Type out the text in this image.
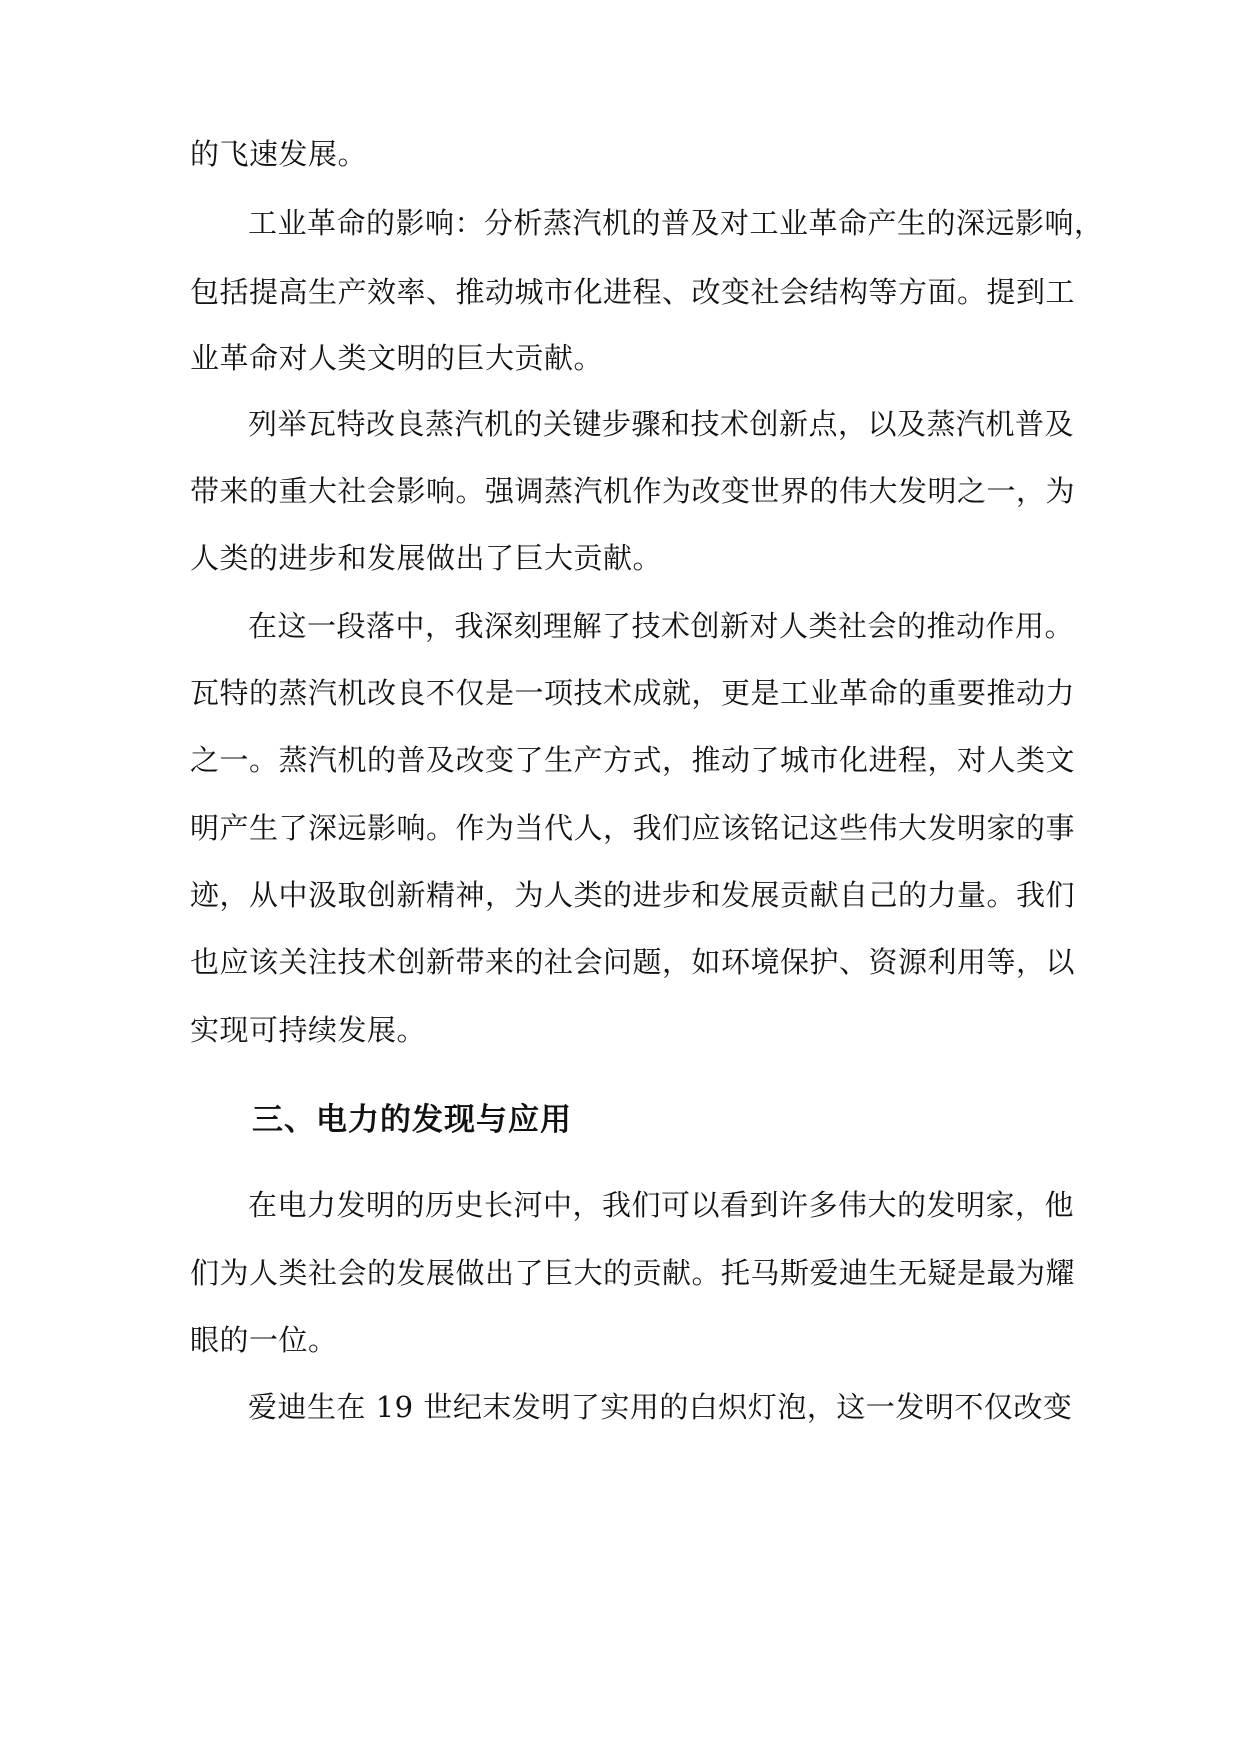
的飞速发展。
工业革命的影响：分析蒸汽机的普及对工业革命产生的深远影响，
包括提高生产效率、推动城市化进程、改变社会结构等方面。提到工
业革命对人类文明的巨大贡献。
列举瓦特改良蒸汽机的关键步骤和技术创新点，以及蒸汽机普及
带来的重大社会影响。强调蒸汽机作为改变世界的伟大发明之一，为
人类的进步和发展做出了巨大贡献。
在这一段落中，我深刻理解了技术创新对人类社会的推动作用。
瓦特的蒸汽机改良不仅是一项技术成就，更是工业革命的重要推动力
之一。蒸汽机的普及改变了生产方式，推动了城市化进程，对人类文
明产生了深远影响。作为当代人，我们应该铭记这些伟大发明家的事
迹，从中汲取创新精神，为人类的进步和发展贡献自己的力量。我们
也应该关注技术创新带来的社会问题，如环境保护、资源利用等，以
实现可持续发展。
三、电力的发现与应用
在电力发明的历史长河中，我们可以看到许多伟大的发明家，他
们为人类社会的发展做出了巨大的贡献。托马斯爱迪生无疑是最为耀
眼的一位。
爱迪生在 19 世纪末发明了实用的白炽灯泡，这一发明不仅改变
